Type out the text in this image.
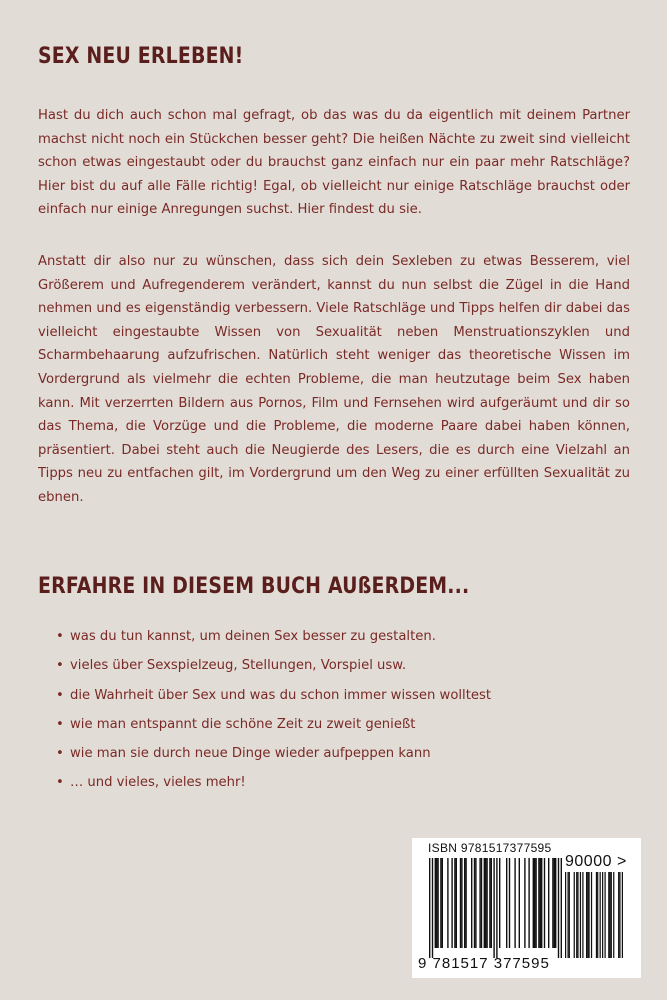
SEX NEU ERLEBEN!

Hast du dich auch schon mal gefragt, ob das was du da eigentlich mit deinem Partner machst nicht noch ein Stückchen besser geht? Die heißen Nächte zu zweit sind vielleicht schon etwas eingestaubt oder du brauchst ganz einfach nur ein paar mehr Ratschläge? Hier bist du auf alle Fälle richtig! Egal, ob vielleicht nur einige Ratschläge brauchst oder einfach nur einige Anregungen suchst. Hier findest du sie.

Anstatt dir also nur zu wünschen, dass sich dein Sexleben zu etwas Besserem, viel Größerem und Aufregenderem verändert, kannst du nun selbst die Zügel in die Hand nehmen und es eigenständig verbessern. Viele Ratschläge und Tipps helfen dir dabei das vielleicht eingestaubte Wissen von Sexualität neben Menstruationszyklen und Scharmbehaarung aufzufrischen. Natürlich steht weniger das theoretische Wissen im Vordergrund als vielmehr die echten Probleme, die man heutzutage beim Sex haben kann. Mit verzerrten Bildern aus Pornos, Film und Fernsehen wird aufgeräumt und dir so das Thema, die Vorzüge und die Probleme, die moderne Paare dabei haben können, präsentiert. Dabei steht auch die Neugierde des Lesers, die es durch eine Vielzahl an Tipps neu zu entfachen gilt, im Vordergrund um den Weg zu einer erfüllten Sexualität zu ebnen.

ERFAHRE IN DIESEM BUCH AUßERDEM...
• was du tun kannst, um deinen Sex besser zu gestalten.
• vieles über Sexspielzeug, Stellungen, Vorspiel usw.
• die Wahrheit über Sex und was du schon immer wissen wolltest
• wie man entspannt die schöne Zeit zu zweit genießt
• wie man sie durch neue Dinge wieder aufpeppen kann
• … und vieles, vieles mehr!
ISBN 9781517377595
90000 >
9 781517 377595
